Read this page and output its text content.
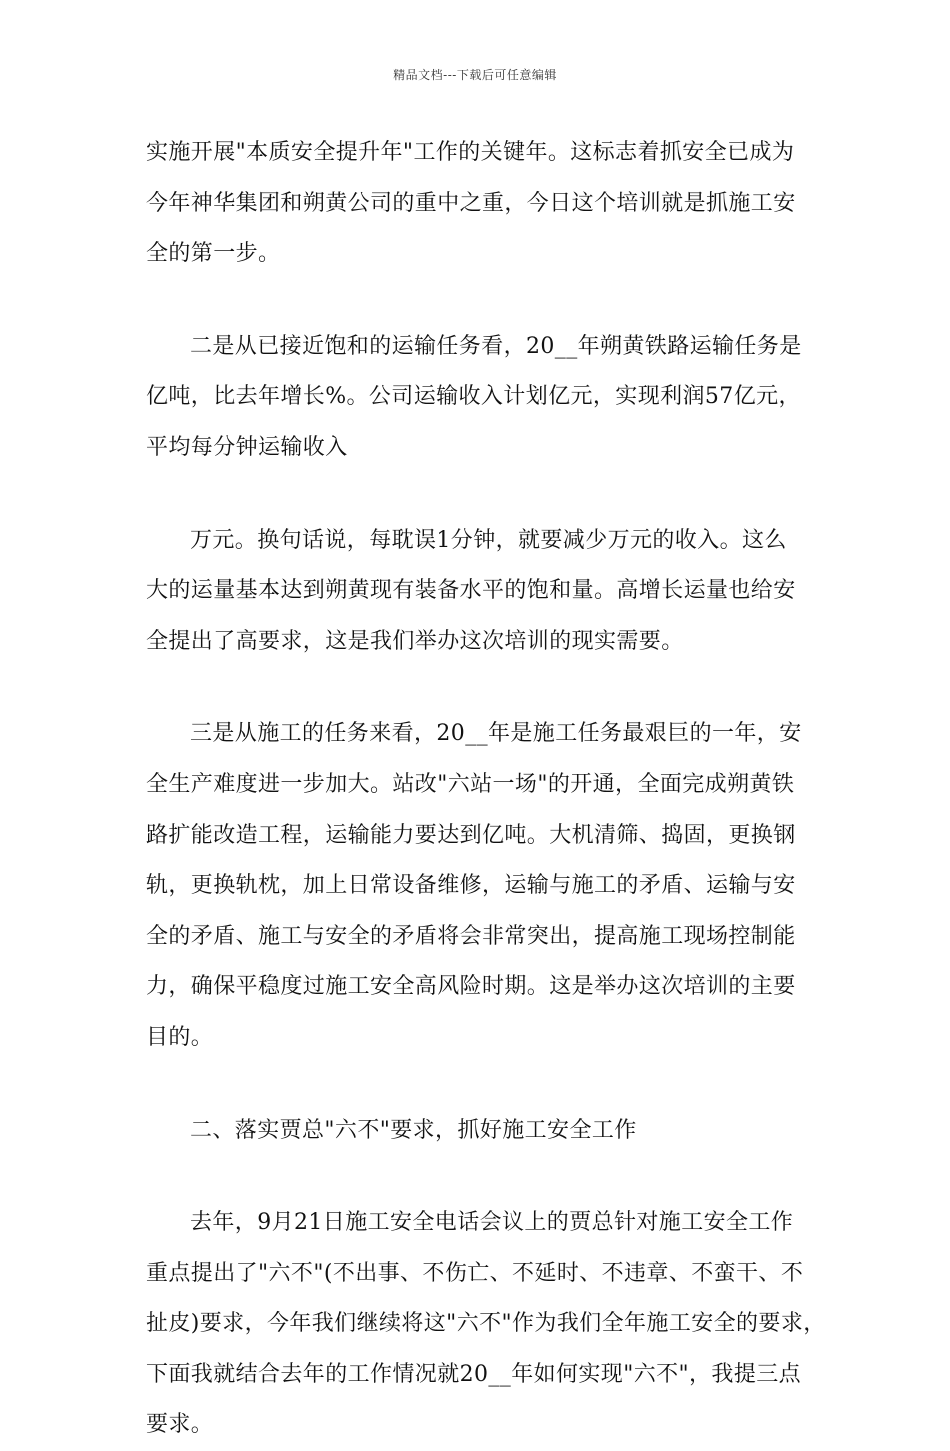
精品文档---下载后可任意编辑
实施开展"本质安全提升年"工作的关键年。这标志着抓安全已成为
今年神华集团和朔黄公司的重中之重，今日这个培训就是抓施工安
全的第一步。
二是从已接近饱和的运输任务看，20__年朔黄铁路运输任务是
亿吨，比去年增长%。公司运输收入计划亿元，实现利润57亿元，
平均每分钟运输收入
万元。换句话说，每耽误1分钟，就要减少万元的收入。这么
大的运量基本达到朔黄现有装备水平的饱和量。高增长运量也给安
全提出了高要求，这是我们举办这次培训的现实需要。
三是从施工的任务来看，20__年是施工任务最艰巨的一年，安
全生产难度进一步加大。站改"六站一场"的开通，全面完成朔黄铁
路扩能改造工程，运输能力要达到亿吨。大机清筛、捣固，更换钢
轨，更换轨枕，加上日常设备维修，运输与施工的矛盾、运输与安
全的矛盾、施工与安全的矛盾将会非常突出，提高施工现场控制能
力，确保平稳度过施工安全高风险时期。这是举办这次培训的主要
目的。
二、落实贾总"六不"要求，抓好施工安全工作
去年，9月21日施工安全电话会议上的贾总针对施工安全工作
重点提出了"六不"(不出事、不伤亡、不延时、不违章、不蛮干、不
扯皮)要求，今年我们继续将这"六不"作为我们全年施工安全的要求，
下面我就结合去年的工作情况就20__年如何实现"六不"，我提三点
要求。
